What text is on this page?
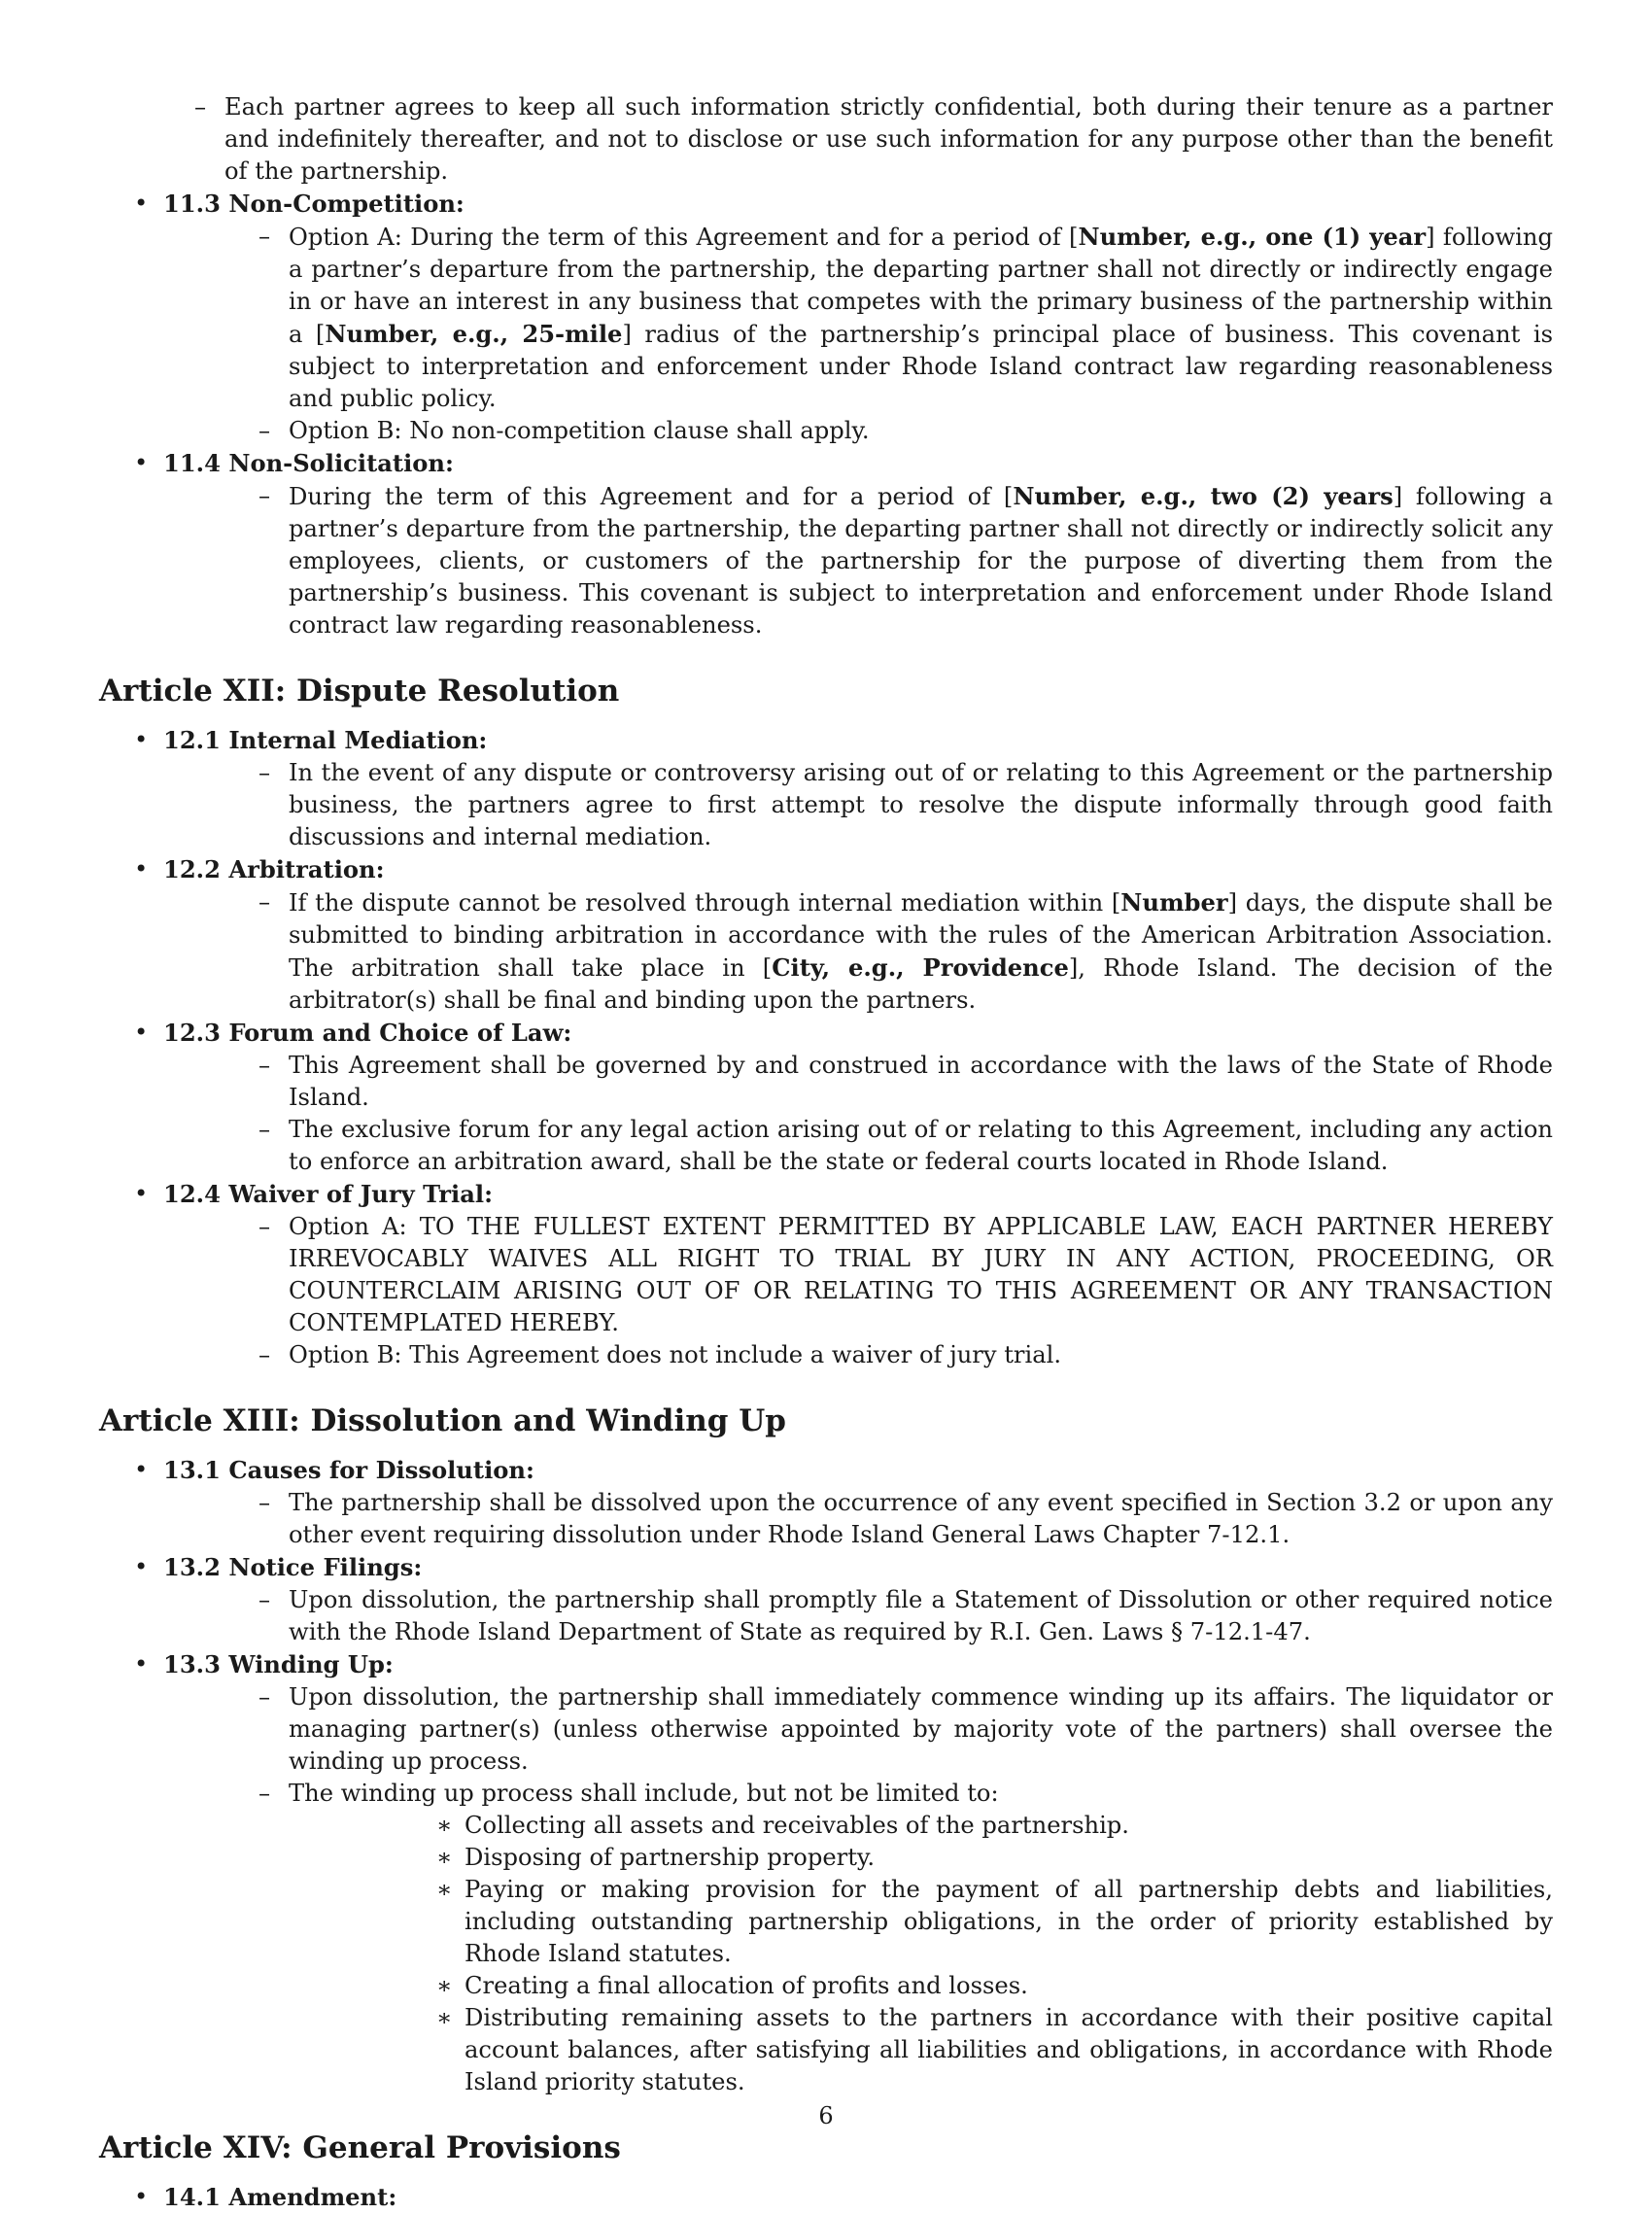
– Each partner agrees to keep all such information strictly confidential, both during their tenure as a partner and indefinitely thereafter, and not to disclose or use such information for any purpose other than the benefit of the partnership.
• 11.3 Non-Competition:
– Option A: During the term of this Agreement and for a period of [Number, e.g., one (1) year] following a partner’s departure from the partnership, the departing partner shall not directly or indirectly engage in or have an interest in any business that competes with the primary business of the partnership within a [Number, e.g., 25-mile] radius of the partnership’s principal place of business. This covenant is subject to interpretation and enforcement under Rhode Island contract law regarding reasonableness and public policy.
– Option B: No non-competition clause shall apply.
• 11.4 Non-Solicitation:
– During the term of this Agreement and for a period of [Number, e.g., two (2) years] following a partner’s departure from the partnership, the departing partner shall not directly or indirectly solicit any employees, clients, or customers of the partnership for the purpose of diverting them from the partnership’s business. This covenant is subject to interpretation and enforcement under Rhode Island contract law regarding reasonableness.
Article XII: Dispute Resolution
• 12.1 Internal Mediation:
– In the event of any dispute or controversy arising out of or relating to this Agreement or the partnership business, the partners agree to first attempt to resolve the dispute informally through good faith discussions and internal mediation.
• 12.2 Arbitration:
– If the dispute cannot be resolved through internal mediation within [Number] days, the dispute shall be submitted to binding arbitration in accordance with the rules of the American Arbitration Association. The arbitration shall take place in [City, e.g., Providence], Rhode Island. The decision of the arbitrator(s) shall be final and binding upon the partners.
• 12.3 Forum and Choice of Law:
– This Agreement shall be governed by and construed in accordance with the laws of the State of Rhode Island.
– The exclusive forum for any legal action arising out of or relating to this Agreement, including any action to enforce an arbitration award, shall be the state or federal courts located in Rhode Island.
• 12.4 Waiver of Jury Trial:
– Option A: TO THE FULLEST EXTENT PERMITTED BY APPLICABLE LAW, EACH PARTNER HEREBY IRREVOCABLY WAIVES ALL RIGHT TO TRIAL BY JURY IN ANY ACTION, PROCEEDING, OR COUNTERCLAIM ARISING OUT OF OR RELATING TO THIS AGREEMENT OR ANY TRANSACTION CONTEMPLATED HEREBY.
– Option B: This Agreement does not include a waiver of jury trial.
Article XIII: Dissolution and Winding Up
• 13.1 Causes for Dissolution:
– The partnership shall be dissolved upon the occurrence of any event specified in Section 3.2 or upon any other event requiring dissolution under Rhode Island General Laws Chapter 7-12.1.
• 13.2 Notice Filings:
– Upon dissolution, the partnership shall promptly file a Statement of Dissolution or other required notice with the Rhode Island Department of State as required by R.I. Gen. Laws § 7-12.1-47.
• 13.3 Winding Up:
– Upon dissolution, the partnership shall immediately commence winding up its affairs. The liquidator or managing partner(s) (unless otherwise appointed by majority vote of the partners) shall oversee the winding up process.
– The winding up process shall include, but not be limited to:
∗ Collecting all assets and receivables of the partnership.
∗ Disposing of partnership property.
∗ Paying or making provision for the payment of all partnership debts and liabilities, including outstanding partnership obligations, in the order of priority established by Rhode Island statutes.
∗ Creating a final allocation of profits and losses.
∗ Distributing remaining assets to the partners in accordance with their positive capital account balances, after satisfying all liabilities and obligations, in accordance with Rhode Island priority statutes.
Article XIV: General Provisions
• 14.1 Amendment:
6
